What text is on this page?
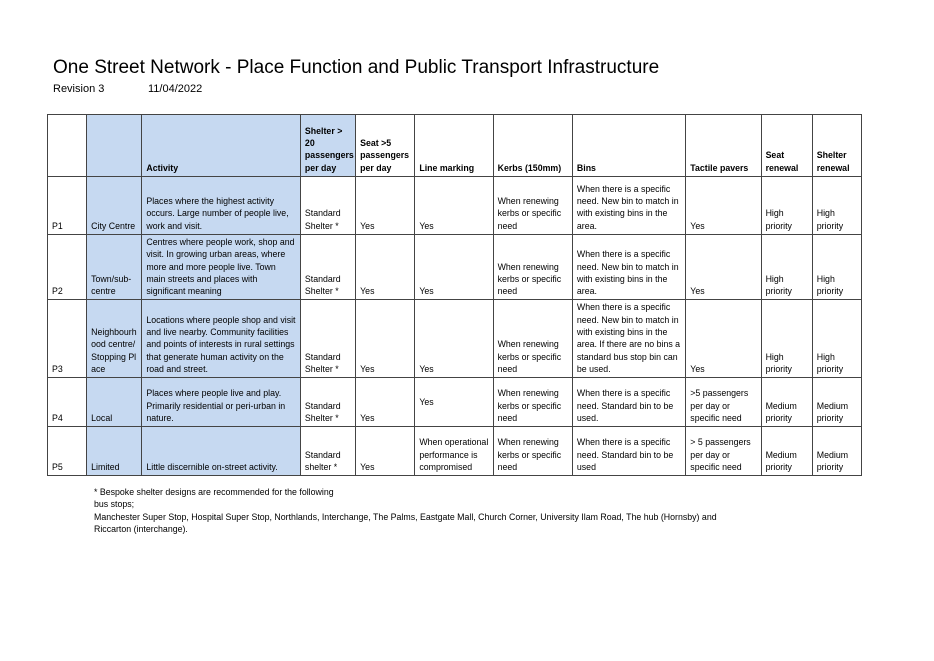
One Street Network - Place Function and Public Transport Infrastructure
Revision 3	11/04/2022
		Activity	Shelter > 20 passengers per day	Seat >5 passengers per day	Line marking	Kerbs (150mm)	Bins	Tactile pavers	Seat renewal	Shelter renewal
P1	City Centre	Places where the highest activity occurs. Large number of people live, work and visit.	Standard Shelter *	Yes	Yes	When renewing kerbs or specific need	When there is a specific need. New bin to match in with existing bins in the area.	Yes	High priority	High priority
P2	Town/sub-centre	Centres where people work, shop and visit. In growing urban areas, where more and more people live. Town main streets and places with significant meaning	Standard Shelter *	Yes	Yes	When renewing kerbs or specific need	When there is a specific need. New bin to match in with existing bins in the area.	Yes	High priority	High priority
P3	Neighbourhood centre/Stopping Place	Locations where people shop and visit and live nearby. Community facilities and points of interests in rural settings that generate human activity on the road and street.	Standard Shelter *	Yes	Yes	When renewing kerbs or specific need	When there is a specific need. New bin to match in with existing bins in the area. If there are no bins a standard bus stop bin can be used.	Yes	High priority	High priority
P4	Local	Places where people live and play. Primarily residential or peri-urban in nature.	Standard Shelter *	Yes	Yes	When renewing kerbs or specific need	When there is a specific need. Standard bin to be used.	>5 passengers per day or specific need	Medium priority	Medium priority
P5	Limited	Little discernible on-street activity.	Standard shelter *	Yes	When operational performance is compromised	When renewing kerbs or specific need	When there is a specific need. Standard bin to be used	> 5 passengers per day or specific need	Medium priority	Medium priority
* Bespoke shelter designs are recommended for the following
bus stops;
Manchester Super Stop, Hospital Super Stop, Northlands, Interchange, The Palms, Eastgate Mall, Church Corner, University Ilam Road, The hub (Hornsby) and Riccarton (interchange).
